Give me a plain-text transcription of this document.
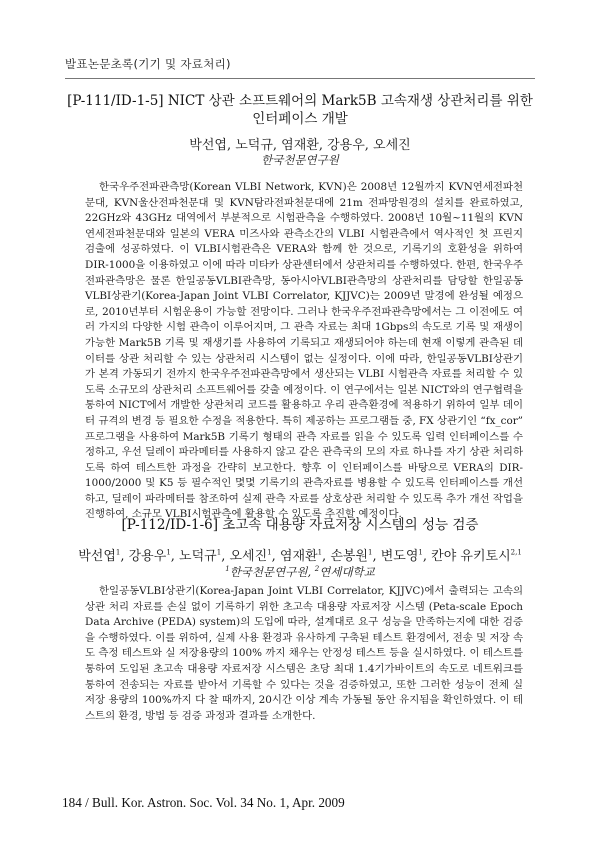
발표논문초록(기기 및 자료처리)
[P-111/ID-1-5] NICT 상관 소프트웨어의 Mark5B 고속재생 상관처리를 위한 인터페이스 개발
박선엽, 노덕규, 염재환, 강용우, 오세진
한국천문연구원

한국우주전파관측망(Korean VLBI Network, KVN)은 2008년 12월까지 KVN연세전파천문대, KVN울산전파천문대 및 KVN탐라전파천문대에 21m 전파망원경의 설치를 완료하였고, 22GHz와 43GHz 대역에서 부분적으로 시험관측을 수행하였다. 2008년 10월~11월의 KVN연세전파천문대와 일본의 VERA 미즈사와 관측소간의 VLBI 시험관측에서 역사적인 첫 프린지 검출에 성공하였다. 이 VLBI시험관측은 VERA와 함께 한 것으로, 기록기의 호환성을 위하여 DIR-1000을 이용하였고 이에 따라 미타카 상관센터에서 상관처리를 수행하였다. 한편, 한국우주전파관측망은 물론 한일공동VLBI관측망, 동아시아VLBI관측망의 상관처리를 담당할 한일공동VLBI상관기(Korea-Japan Joint VLBI Correlator, KJJVC)는 2009년 말경에 완성될 예정으로, 2010년부터 시험운용이 가능할 전망이다. 그러나 한국우주전파관측망에서는 그 이전에도 여러 가지의 다양한 시험 관측이 이루어지며, 그 관측 자료는 최대 1Gbps의 속도로 기록 및 재생이 가능한 Mark5B 기록 및 재생기를 사용하여 기록되고 재생되어야 하는데 현재 이렇게 관측된 데이터를 상관 처리할 수 있는 상관처리 시스템이 없는 실정이다. 이에 따라, 한일공동VLBI상관기가 본격 가동되기 전까지 한국우주전파관측망에서 생산되는 VLBI 시험관측 자료를 처리할 수 있도록 소규모의 상관처리 소프트웨어를 갖출 예정이다. 이 연구에서는 일본 NICT와의 연구협력을 통하여 NICT에서 개발한 상관처리 코드를 활용하고 우리 관측환경에 적용하기 위하여 일부 데이터 규격의 변경 등 필요한 수정을 적용한다. 특히 제공하는 프로그램들 중, FX 상관기인 “fx_cor” 프로그램을 사용하여 Mark5B 기록기 형태의 관측 자료를 읽을 수 있도록 입력 인터페이스를 수정하고, 우선 딜레이 파라메터를 사용하지 않고 같은 관측국의 모의 자료 하나를 자기 상관 처리하도록 하여 테스트한 과정을 간략히 보고한다. 향후 이 인터페이스를 바탕으로 VERA의 DIR-1000/2000 및 K5 등 필수적인 몇몇 기록기의 관측자료를 병용할 수 있도록 인터페이스를 개선하고, 딜레이 파라메터를 참조하여 실제 관측 자료를 상호상관 처리할 수 있도록 추가 개선 작업을 진행하여, 소규모 VLBI시험관측에 활용할 수 있도록 추진할 예정이다.

[P-112/ID-1-6] 초고속 대용량 자료저장 시스템의 성능 검증
박선엽$^1$, 강용우$^1$, 노덕규$^1$, 오세진$^1$, 염재환$^1$, 손봉원$^1$, 변도영$^1$, 칸야 유키토시$^{2,1}$
$^1$한국천문연구원, $^2$연세대학교

한일공동VLBI상관기(Korea-Japan Joint VLBI Correlator, KJJVC)에서 출력되는 고속의 상관 처리 자료를 손실 없이 기록하기 위한 초고속 대용량 자료저장 시스템 (Peta-scale Epoch Data Archive (PEDA) system)의 도입에 따라, 설계대로 요구 성능을 만족하는지에 대한 검증을 수행하였다. 이를 위하여, 실제 사용 환경과 유사하게 구축된 테스트 환경에서, 전송 및 저장 속도 측정 테스트와 실 저장용량의 100% 까지 채우는 안정성 테스트 등을 실시하였다. 이 테스트를 통하여 도입된 초고속 대용량 자료저장 시스템은 초당 최대 1.4기가바이트의 속도로 네트워크를 통하여 전송되는 자료를 받아서 기록할 수 있다는 것을 검증하였고, 또한 그러한 성능이 전체 실 저장 용량의 100%까지 다 찰 때까지, 20시간 이상 계속 가동될 동안 유지됨을 확인하였다. 이 테스트의 환경, 방법 등 검증 과정과 결과를 소개한다.

184 / Bull. Kor. Astron. Soc. Vol. 34 No. 1, Apr. 2009
